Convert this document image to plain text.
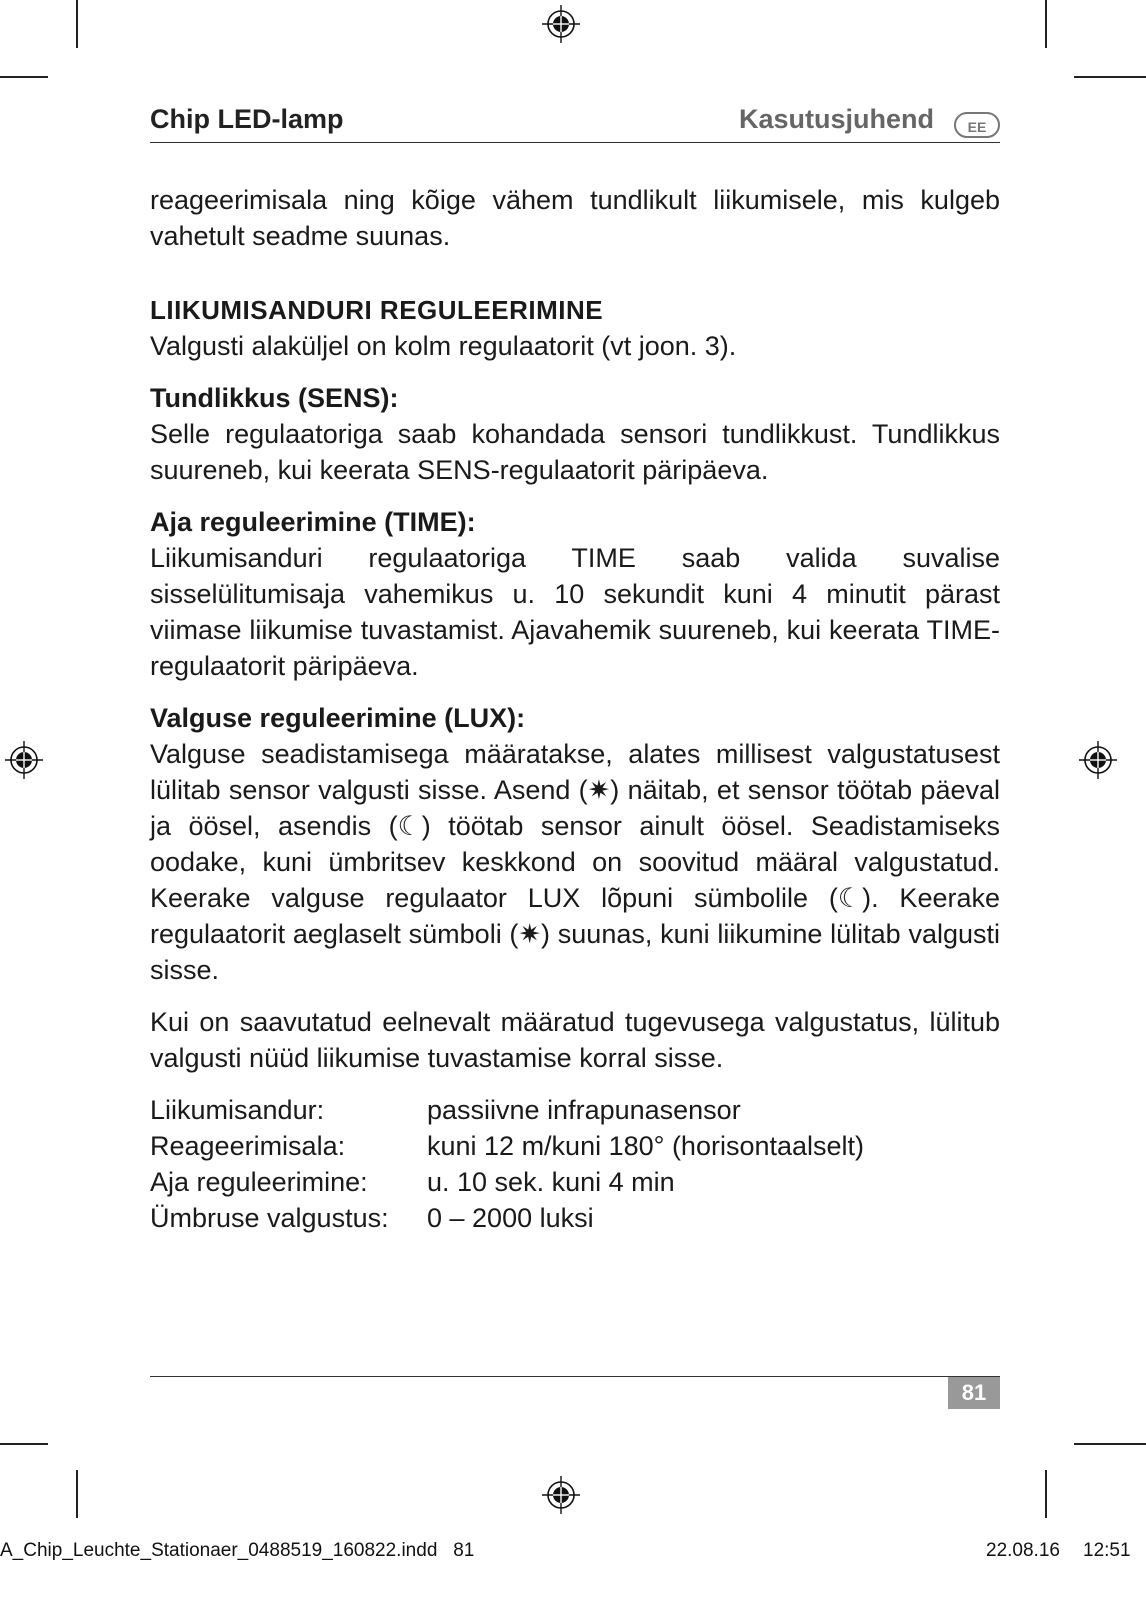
Chip LED-lamp	Kasutusjuhend	EE

reageerimisala ning kõige vähem tundlikult liikumisele, mis kulgeb vahetult seadme suunas.

LIIKUMISANDURI REGULEERIMINE

Valgusti alaküljel on kolm regulaatorit (vt joon. 3).

Tundlikkus (SENS):

Selle regulaatoriga saab kohandada sensori tundlikkust. Tundlikkus suureneb, kui keerata SENS-regulaatorit päripäeva.

Aja reguleerimine (TIME):

Liikumisanduri regulaatoriga TIME saab valida suvalise sisselülitumisaja vahemikus u. 10 sekundit kuni 4 minutit pärast viimase liikumise tuvastamist. Ajavahemik suureneb, kui keerata TIME-regulaatorit päripäeva.

Valguse reguleerimine (LUX):

Valguse seadistamisega määratakse, alates millisest valgustatusest lülitab sensor valgusti sisse. Asend (✷) näitab, et sensor töötab päeval ja öösel, asendis (☾) töötab sensor ainult öösel. Seadistamiseks oodake, kuni ümbritsev keskkond on soovitud määral valgustatud. Keerake valguse regulaator LUX lõpuni sümbolile (☾). Keerake regulaatorit aeglaselt sümboli (✷) suunas, kuni liikumine lülitab valgusti sisse.

Kui on saavutatud eelnevalt määratud tugevusega valgustatus, lülitub valgusti nüüd liikumise tuvastamise korral sisse.

Liikumisandur:	passiivne infrapunasensor
Reageerimisala:	kuni 12 m/kuni 180° (horisontaalselt)
Aja reguleerimine:	u. 10 sek. kuni 4 min
Ümbruse valgustus:	0 – 2000 luksi
81
A_Chip_Leuchte_Stationaer_0488519_160822.indd   81	22.08.16 12:51
